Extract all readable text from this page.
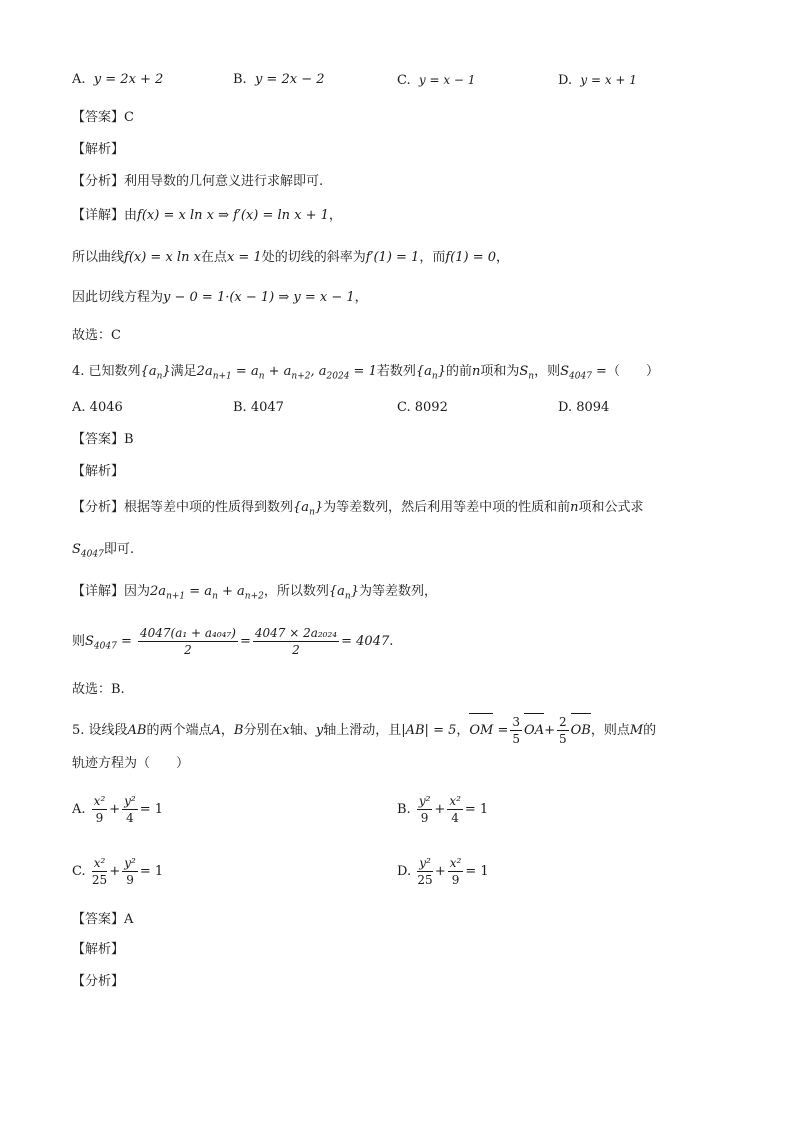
A. y = 2x + 2	B. y = 2x − 2	C. y = x − 1	D. y = x + 1
【答案】C
【解析】
【分析】利用导数的几何意义进行求解即可.
【详解】由f(x) = x ln x ⇒ f′(x) = ln x + 1，
所以曲线f(x) = x ln x在点x = 1处的切线的斜率为f′(1) = 1，而f(1) = 0，
因此切线方程为y − 0 = 1·(x − 1) ⇒ y = x − 1，
故选：C
4. 已知数列$\{a_n\}$满足$2a_{n+1} = a_n + a_{n+2}$, $a_{2024} = 1$若数列$\{a_n\}$的前n项和为$S_n$，则$S_{4047}$ =（　　）
A. 4046	B. 4047	C. 8092	D. 8094
【答案】B
【解析】
【分析】根据等差中项的性质得到数列$\{a_n\}$为等差数列，然后利用等差中项的性质和前n项和公式求
$S_{4047}$即可.
【详解】因为$2a_{n+1} = a_n + a_{n+2}$，所以数列$\{a_n\}$为等差数列，
则$S_{4047} = \frac{\text{4047(a₁ + a₄₀₄₇)}}{2} = \frac{\text{4047 × 2a₂₀₂₄}}{2} = 4047$.
故选：B.
5. 设线段AB的两个端点A，B分别在x轴、y轴上滑动，且|AB| = 5，OM = $\frac{3}{5} OA+ \frac{2}{5}$ OB，则点M的
轨迹方程为（　　）
A. $\frac{\text{x²}}{9} + \frac{\text{y²}}{4} = 1$	B. $\frac{\text{y²}}{9} + \frac{\text{x²}}{4} = 1$
C. $\frac{\text{x²}}{25} + \frac{\text{y²}}{9} = 1$	D. $\frac{\text{y²}}{25} + \frac{\text{x²}}{9} = 1$
【答案】A
【解析】
【分析】
